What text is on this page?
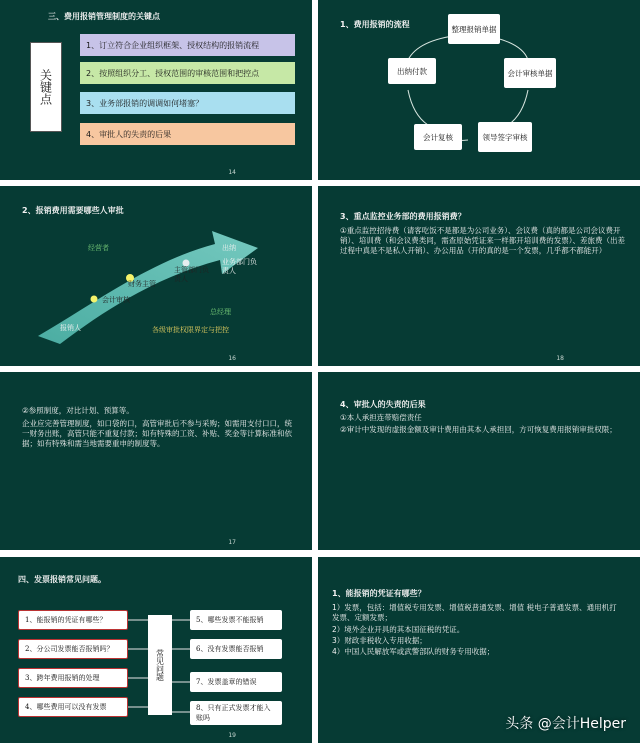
三、费用报销管理制度的关键点
关键点
1、订立符合企业组织框架、授权结构的报销流程
2、按照组织分工、授权范围的审核范围和把控点
3、业务部报销的调调如何堵塞？
4、审批人的失责的后果
14
1、费用报销的流程	整理报销单据
会计审核单据
领导签字审核
会计复核
出纳付款
2、报销费用需要哪些人审批
经营者
财务主管
主管部门负责人
出纳
会计审核
业务部门负责人
报销人
总经理
各级审批权限界定与把控
16
3、重点监控业务部的费用报销费？
①重点监控招待费（请客吃饭不是都是为公司业务）、会议费（真的都是公司会议费开销）、培训费（和会议费类同，需查原始凭证来一样都开培训费的发票）、差旅费（出差过程中真是不是私人开销）、办公用品（开的真的是一个发票，几乎都不都能开）
18
②参照制度，对比计划、预算等。
企业应完善管理制度，如口袋的口，高管审批后不参与采购；如需用支付口口，统一财务出账，高管只能不重复付款；如有特殊的工资、补贴、奖金等计算标准和依据；如有特殊和需当地需要重申的制度等。
17
4、审批人的失责的后果
①本人承担连带赔偿责任
②审计中发现的虚报金额及审计费用由其本人承担回，方可恢复费用报销审批权限；
四、发票报销常见问题。
1、能报销的凭证有哪些？
2、分公司发票能否报销吗？
3、跨年费用报销的处理
4、哪些费用可以没有发票
常见问题
5、哪些发票不能报销
6、没有发票能否报销
7、发票盖章的错误
8、只有正式发票才能入账吗
19
1、能报销的凭证有哪些？
1）发票，包括：增值税专用发票、增值税普通发票、增值 税电子普通发票、通用机打发票、定额发票；
2）境外企业开具的其本国征税的凭证。
3）财政非税收入专用收据；
4）中国人民解放军或武警部队的财务专用收据；
头条 @会计Helper
